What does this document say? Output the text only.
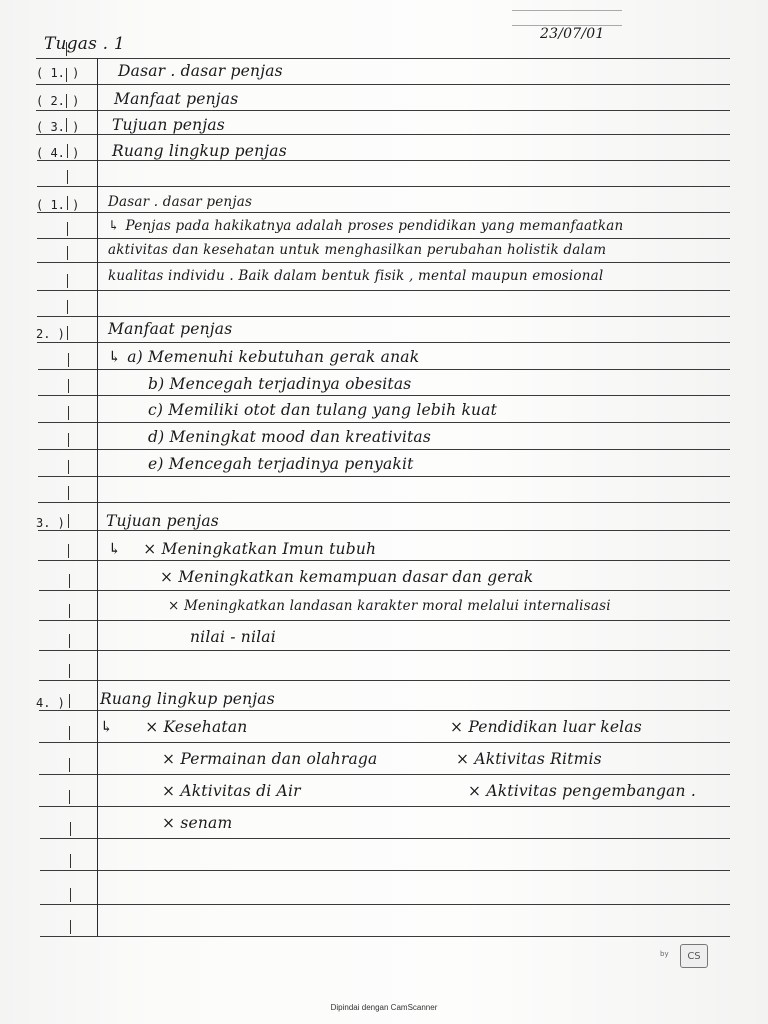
Tugas . 1	23/07/01
( 1. )	Dasar . dasar penjas
( 2. )	Manfaat penjas
( 3. )	Tujuan penjas
( 4. )	Ruang lingkup penjas
( 1. )	Dasar . dasar penjas
↳ Penjas pada hakikatnya adalah proses pendidikan yang memanfaatkan
aktivitas dan kesehatan untuk menghasilkan perubahan holistik dalam
kualitas individu . Baik dalam bentuk fisik , mental maupun emosional
2. )	Manfaat penjas
↳ a) Memenuhi kebutuhan gerak anak
b) Mencegah terjadinya obesitas
c) Memiliki otot dan tulang yang lebih kuat
d) Meningkat mood dan kreativitas
e) Mencegah terjadinya penyakit
3. )	Tujuan penjas
↳ × Meningkatkan Imun tubuh
× Meningkatkan kemampuan dasar dan gerak
× Meningkatkan landasan karakter moral melalui internalisasi
nilai - nilai
4. )	Ruang lingkup penjas
↳ × Kesehatan
× Permainan dan olahraga
× Aktivitas di Air
× senam
× Pendidikan luar kelas
× Aktivitas Ritmis
× Aktivitas pengembangan .
by	CS
Dipindai dengan CamScanner
